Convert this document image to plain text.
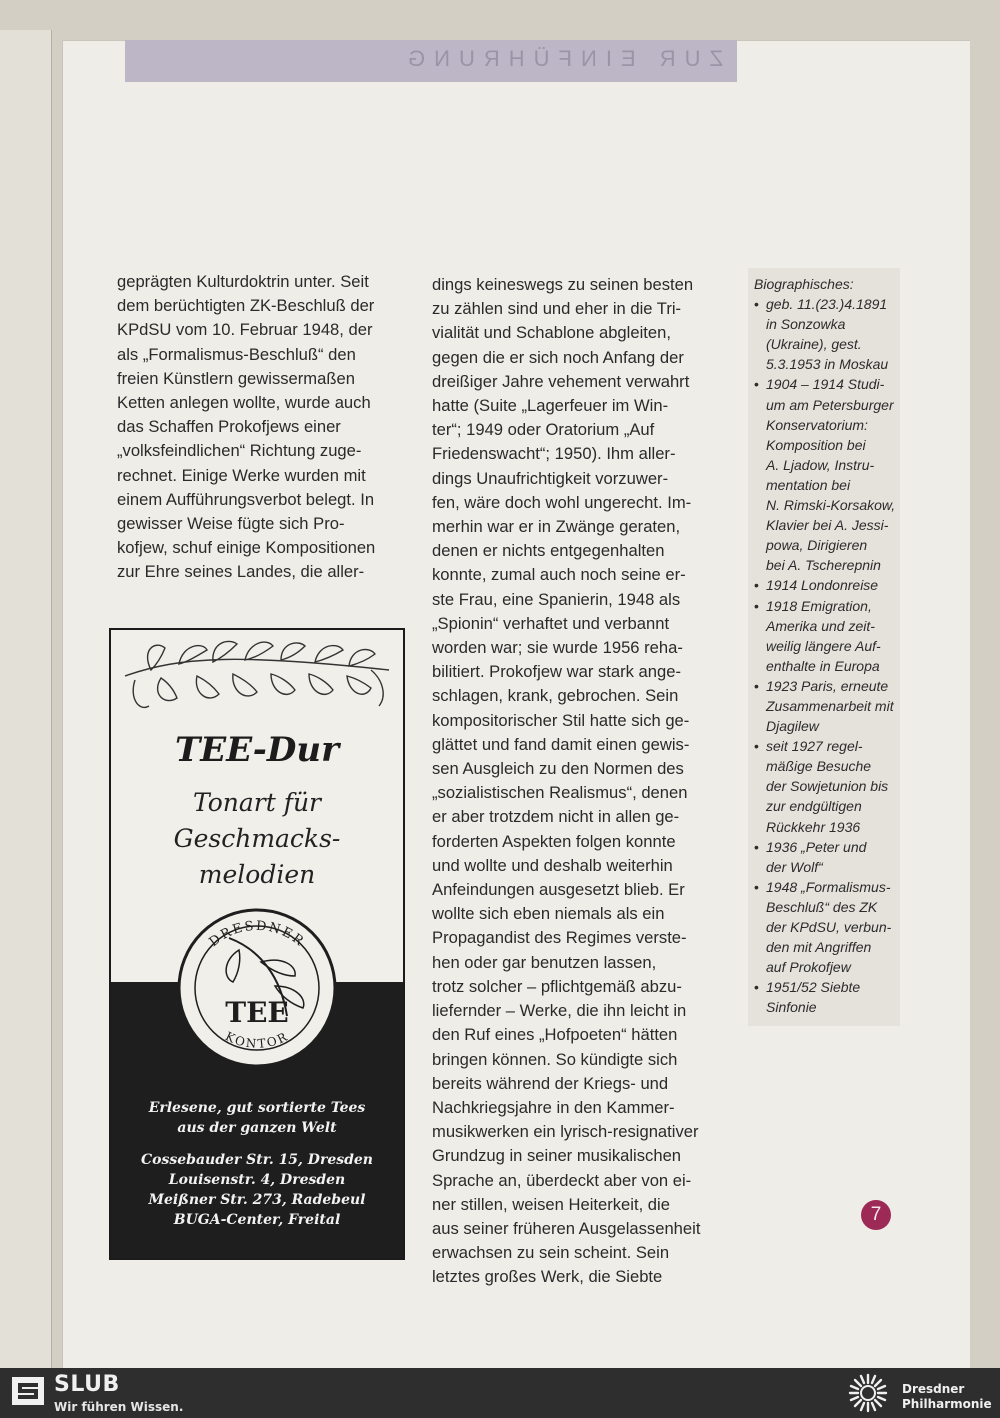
ZUR EINFÜHRUNG
geprägten Kulturdoktrin unter. Seit
dem berüchtigten ZK-Beschluß der
KPdSU vom 10. Februar 1948, der
als „Formalismus-Beschluß“ den
freien Künstlern gewissermaßen
Ketten anlegen wollte, wurde auch
das Schaffen Prokofjews einer
„volksfeindlichen“ Richtung zuge-
rechnet. Einige Werke wurden mit
einem Aufführungsverbot belegt. In
gewisser Weise fügte sich Pro-
kofjew, schuf einige Kompositionen
zur Ehre seines Landes, die aller-
dings keineswegs zu seinen besten
zu zählen sind und eher in die Tri-
vialität und Schablone abgleiten,
gegen die er sich noch Anfang der
dreißiger Jahre vehement verwahrt
hatte (Suite „Lagerfeuer im Win-
ter“; 1949 oder Oratorium „Auf
Friedenswacht“; 1950). Ihm aller-
dings Unaufrichtigkeit vorzuwer-
fen, wäre doch wohl ungerecht. Im-
merhin war er in Zwänge geraten,
denen er nichts entgegenhalten
konnte, zumal auch noch seine er-
ste Frau, eine Spanierin, 1948 als
„Spionin“ verhaftet und verbannt
worden war; sie wurde 1956 reha-
bilitiert. Prokofjew war stark ange-
schlagen, krank, gebrochen. Sein
kompositorischer Stil hatte sich ge-
glättet und fand damit einen gewis-
sen Ausgleich zu den Normen des
„sozialistischen Realismus“, denen
er aber trotzdem nicht in allen ge-
forderten Aspekten folgen konnte
und wollte und deshalb weiterhin
Anfeindungen ausgesetzt blieb. Er
wollte sich eben niemals als ein
Propagandist des Regimes verste-
hen oder gar benutzen lassen,
trotz solcher – pflichtgemäß abzu-
liefernder – Werke, die ihn leicht in
den Ruf eines „Hofpoeten“ hätten
bringen können. So kündigte sich
bereits während der Kriegs- und
Nachkriegsjahre in den Kammer-
musikwerken ein lyrisch-resignativer
Grundzug in seiner musikalischen
Sprache an, überdeckt aber von ei-
ner stillen, weisen Heiterkeit, die
aus seiner früheren Ausgelassenheit
erwachsen zu sein scheint. Sein
letztes großes Werk, die Siebte
Biographisches:
• geb. 11.(23.)4.1891
in Sonzowka
(Ukraine), gest.
5.3.1953 in Moskau
• 1904 – 1914 Studi-
um am Petersburger
Konservatorium:
Komposition bei
A. Ljadow, Instru-
mentation bei
N. Rimski-Korsakow,
Klavier bei A. Jessi-
powa, Dirigieren
bei A. Tscherepnin
• 1914 Londonreise
• 1918 Emigration,
Amerika und zeit-
weilig längere Auf-
enthalte in Europa
• 1923 Paris, erneute
Zusammenarbeit mit
Djagilew
• seit 1927 regel-
mäßige Besuche
der Sowjetunion bis
zur endgültigen
Rückkehr 1936
• 1936 „Peter und
der Wolf“
• 1948 „Formalismus-
Beschluß“ des ZK
der KPdSU, verbun-
den mit Angriffen
auf Prokofjew
• 1951/52 Siebte
Sinfonie
TEE-Dur
Tonart für
Geschmacks-
melodien
DRESDNER
KONTOR
TEE
Erlesene, gut sortierte Tees
aus der ganzen Welt
Cossebauder Str. 15, Dresden
Louisenstr. 4, Dresden
Meißner Str. 273, Radebeul
BUGA-Center, Freital	7
SLUB
Wir führen Wissen.
Dresdner
Philharmonie
